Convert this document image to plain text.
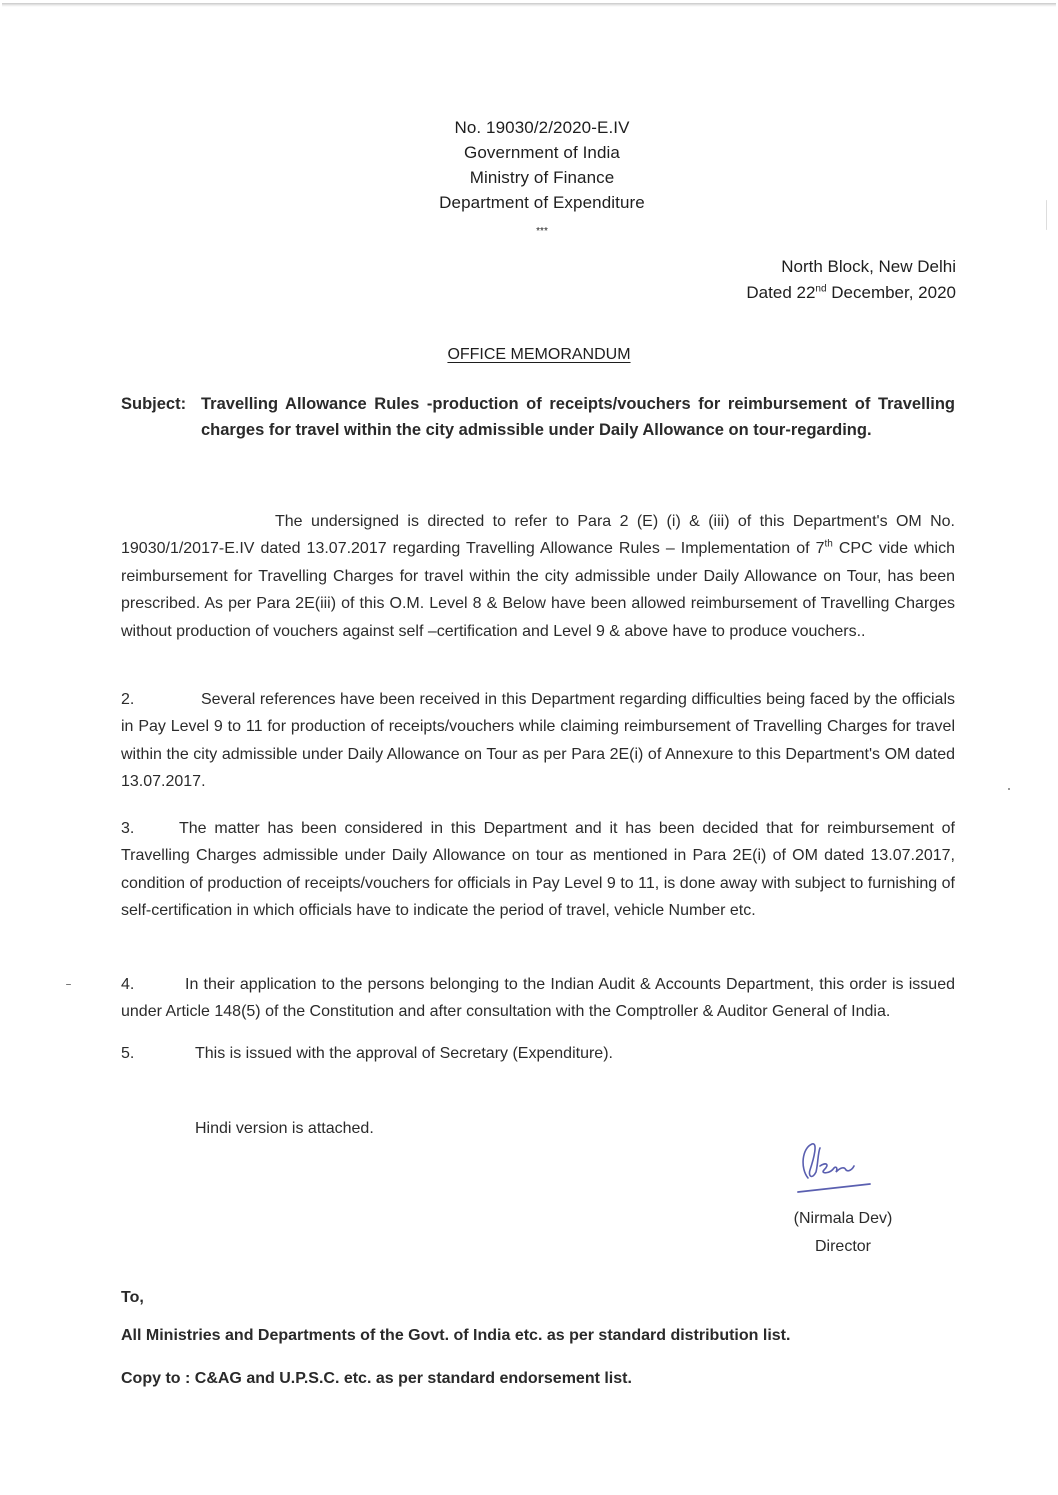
No. 19030/2/2020-E.IV
Government of India
Ministry of Finance
Department of Expenditure
***
North Block, New Delhi
Dated 22nd December, 2020
OFFICE MEMORANDUM
Subject: Travelling Allowance Rules -production of receipts/vouchers for reimbursement of Travelling charges for travel within the city admissible under Daily Allowance on tour-regarding.
The undersigned is directed to refer to Para 2 (E) (i) & (iii) of this Department's OM No. 19030/1/2017-E.IV dated 13.07.2017 regarding Travelling Allowance Rules – Implementation of 7th CPC vide which reimbursement for Travelling Charges for travel within the city admissible under Daily Allowance on Tour, has been prescribed. As per Para 2E(iii) of this O.M. Level 8 & Below have been allowed reimbursement of Travelling Charges without production of vouchers against self –certification and Level 9 & above have to produce vouchers..
2.	Several references have been received in this Department regarding difficulties being faced by the officials in Pay Level 9 to 11 for production of receipts/vouchers while claiming reimbursement of Travelling Charges for travel within the city admissible under Daily Allowance on Tour as per Para 2E(i) of Annexure to this Department's OM dated 13.07.2017.
3.	The matter has been considered in this Department and it has been decided that for reimbursement of Travelling Charges admissible under Daily Allowance on tour as mentioned in Para 2E(i) of OM dated 13.07.2017, condition of production of receipts/vouchers for officials in Pay Level 9 to 11, is done away with subject to furnishing of self-certification in which officials have to indicate the period of travel, vehicle Number etc.
4.	In their application to the persons belonging to the Indian Audit & Accounts Department, this order is issued under Article 148(5) of the Constitution and after consultation with the Comptroller & Auditor General of India.
5.	This is issued with the approval of Secretary (Expenditure).
Hindi version is attached.
(Nirmala Dev)
Director
To,
All Ministries and Departments of the Govt. of India etc. as per standard distribution list.
Copy to : C&AG and U.P.S.C. etc. as per standard endorsement list.
